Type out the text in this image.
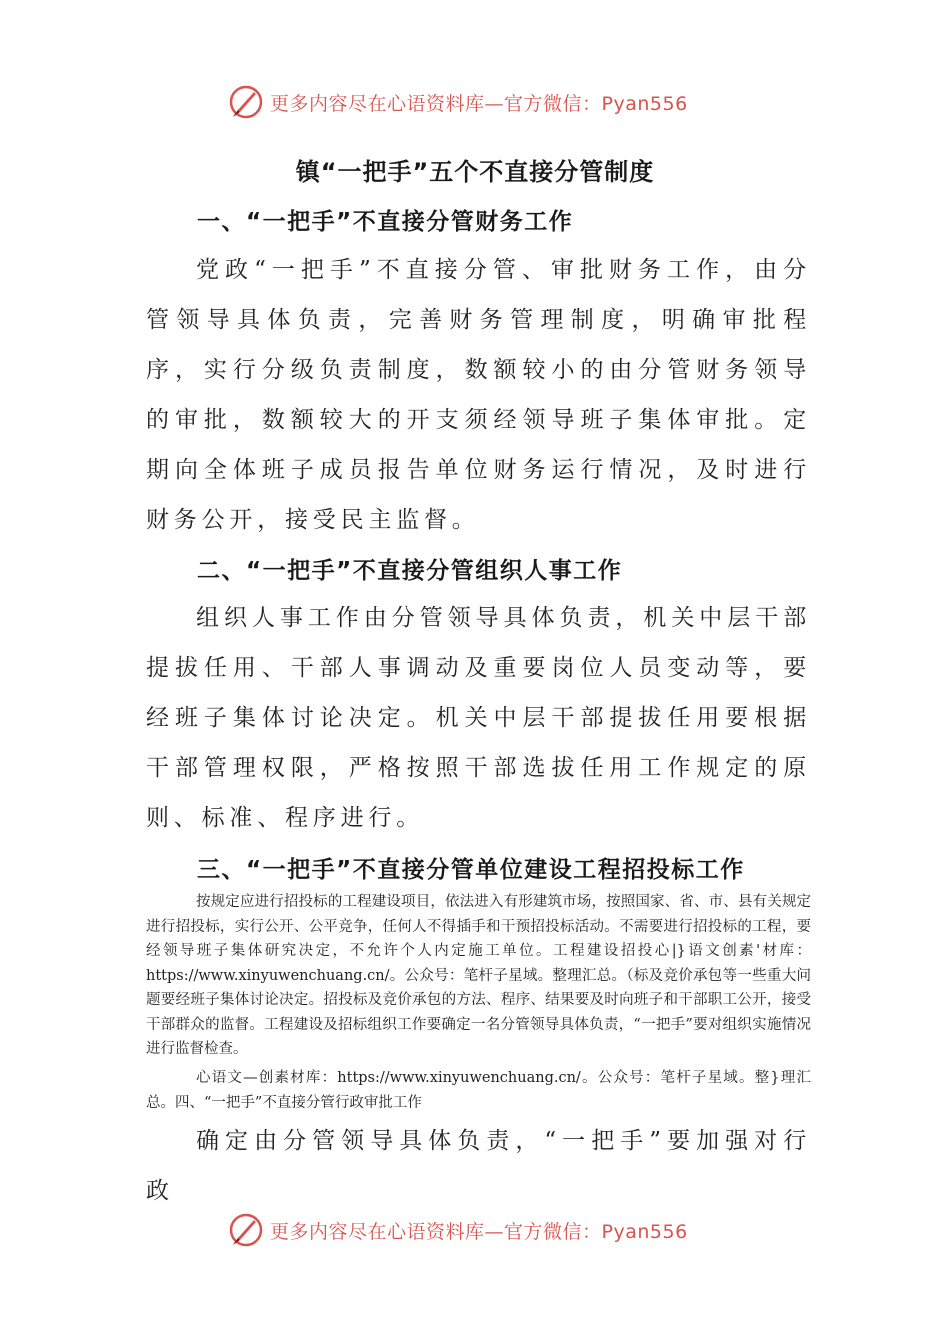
更多内容尽在心语资料库—官方微信：Pyan556
镇“一把手”五个不直接分管制度
一、“一把手”不直接分管财务工作
党政“一把手”不直接分管、审批财务工作，由分管领导具体负责，完善财务管理制度，明确审批程序，实行分级负责制度，数额较小的由分管财务领导的审批，数额较大的开支须经领导班子集体审批。定期向全体班子成员报告单位财务运行情况，及时进行财务公开，接受民主监督。
二、“一把手”不直接分管组织人事工作
组织人事工作由分管领导具体负责，机关中层干部提拔任用、干部人事调动及重要岗位人员变动等，要经班子集体讨论决定。机关中层干部提拔任用要根据干部管理权限，严格按照干部选拔任用工作规定的原则、标准、程序进行。
三、“一把手”不直接分管单位建设工程招投标工作
按规定应进行招投标的工程建设项目，依法进入有形建筑市场，按照国家、省、市、县有关规定进行招投标，实行公开、公平竞争，任何人不得插手和干预招投标活动。不需要进行招投标的工程，要经领导班子集体研究决定，不允许个人内定施工单位。工程建设招投心|}语文创素'材库：https://www.xinyuwenchuang.cn/。公众号：笔杆子星域。整理汇总。（标及竞价承包等一些重大问题要经班子集体讨论决定。招投标及竞价承包的方法、程序、结果要及时向班子和干部职工公开，接受干部群众的监督。工程建设及招标组织工作要确定一名分管领导具体负责，“一把手”要对组织实施情况进行监督检查。
心语文—创素材库：https://www.xinyuwenchuang.cn/。公众号：笔杆子星域。整}理汇总。四、“一把手”不直接分管行政审批工作
确定由分管领导具体负责，“一把手”要加强对行政
更多内容尽在心语资料库—官方微信：Pyan556
